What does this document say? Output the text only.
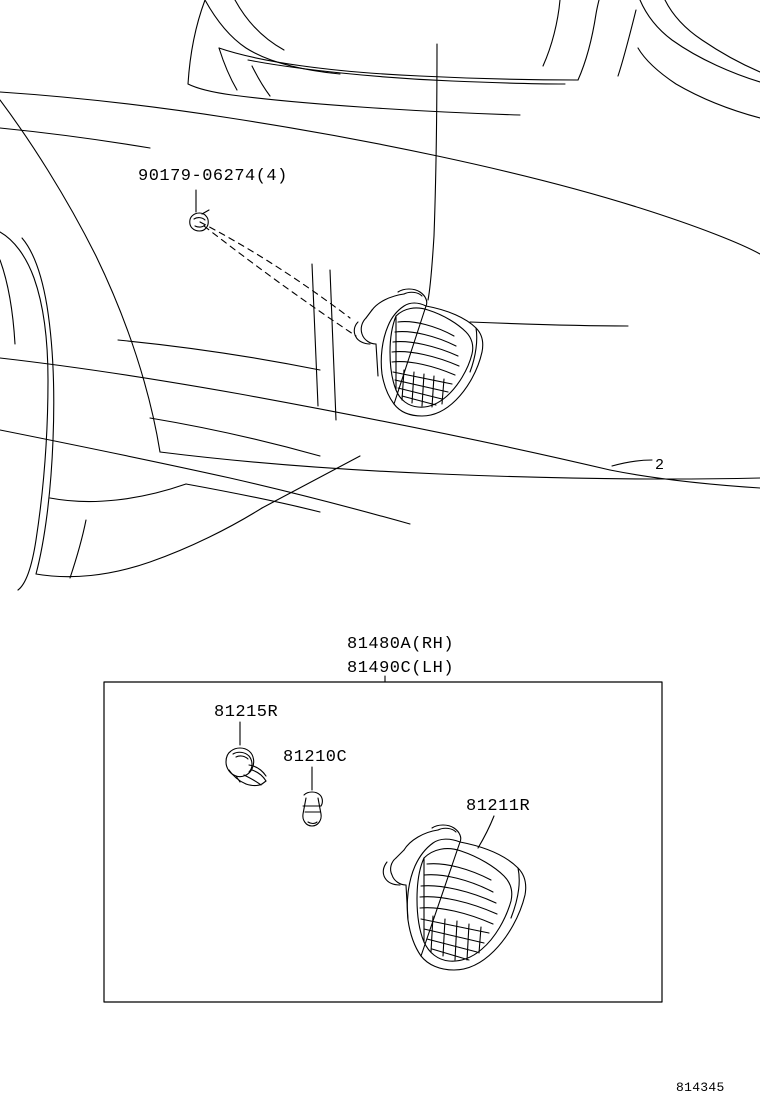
90179-06274(4)
81480A(RH)
81490C(LH)
81215R
81210C
81211R
2
814345
